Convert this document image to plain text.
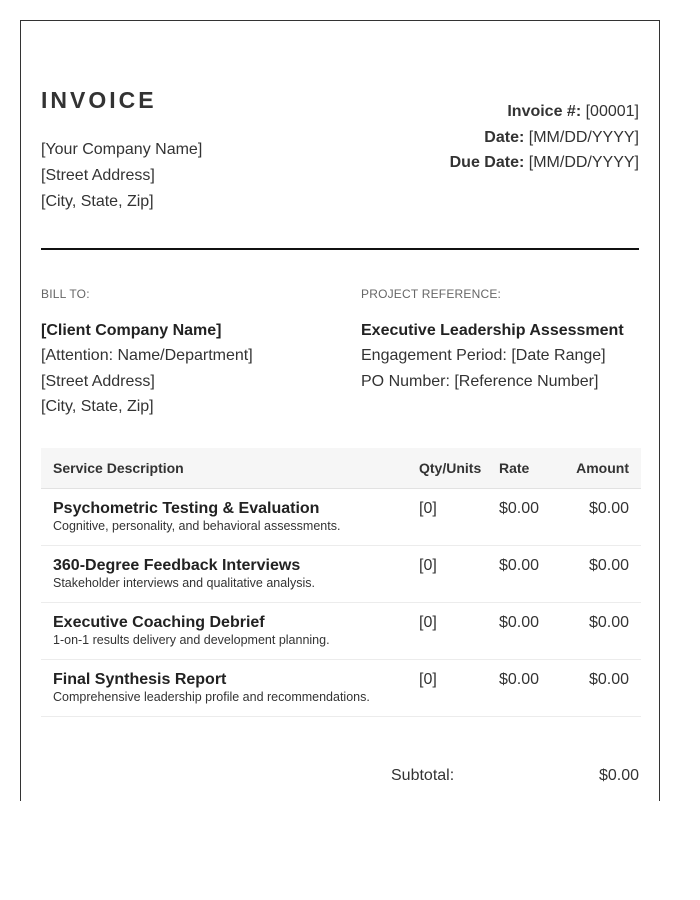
INVOICE
[Your Company Name]
[Street Address]
[City, State, Zip]
Invoice #: [00001]
Date: [MM/DD/YYYY]
Due Date: [MM/DD/YYYY]
BILL TO:
[Client Company Name]
[Attention: Name/Department]
[Street Address]
[City, State, Zip]
PROJECT REFERENCE:
Executive Leadership Assessment
Engagement Period: [Date Range]
PO Number: [Reference Number]
Service Description	Qty/Units	Rate	Amount

Psychometric Testing & Evaluation
Cognitive, personality, and behavioral assessments.	[0]	$0.00	$0.00

360-Degree Feedback Interviews
Stakeholder interviews and qualitative analysis.	[0]	$0.00	$0.00

Executive Coaching Debrief
1-on-1 results delivery and development planning.	[0]	$0.00	$0.00

Final Synthesis Report
Comprehensive leadership profile and recommendations.	[0]	$0.00	$0.00
Subtotal:	$0.00
